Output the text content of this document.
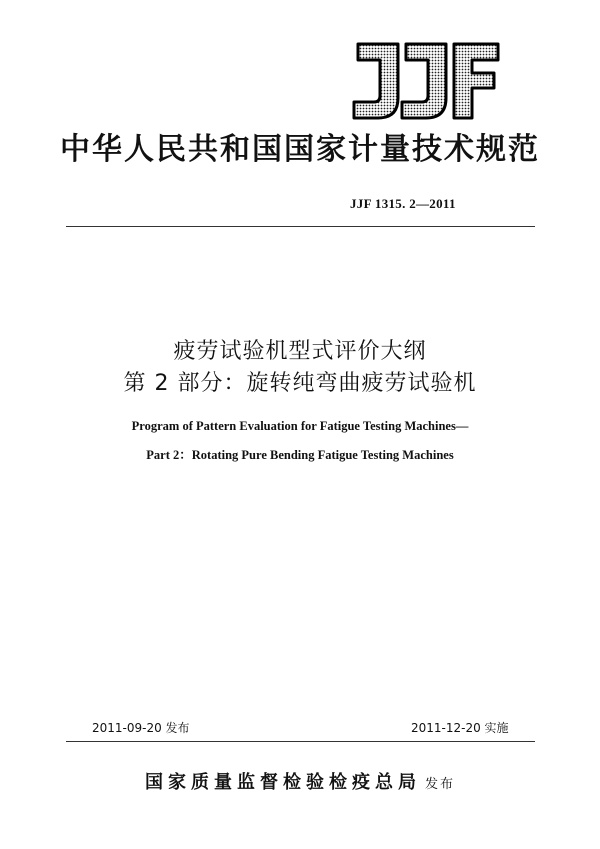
中华人民共和国国家计量技术规范
JJF 1315. 2—2011
疲劳试验机型式评价大纲
第 2 部分：旋转纯弯曲疲劳试验机
Program of Pattern Evaluation for Fatigue Testing Machines—
Part 2：Rotating Pure Bending Fatigue Testing Machines
2011-09-20 发布	2011-12-20 实施
国家质量监督检验检疫总局 发布
